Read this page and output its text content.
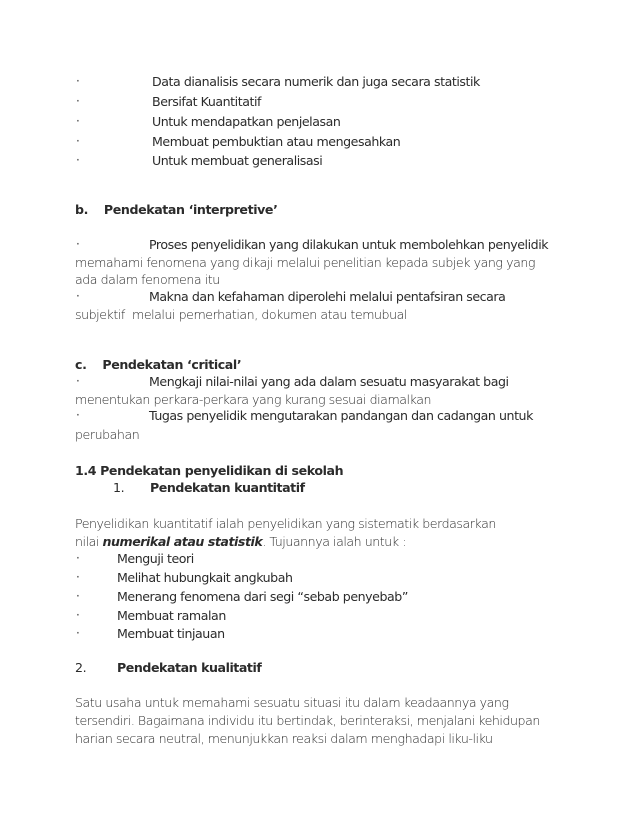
·	Data dianalisis secara numerik dan juga secara statistik
·	Bersifat Kuantitatif
·	Untuk mendapatkan penjelasan
·	Membuat pembuktian atau mengesahkan
·	Untuk membuat generalisasi
b.    Pendekatan ‘interpretive’
·	Proses penyelidikan yang dilakukan untuk membolehkan penyelidik
memahami fenomena yang dikaji melalui penelitian kepada subjek yang yang
ada dalam fenomena itu
·	Makna dan kefahaman diperolehi melalui pentafsiran secara
subjektif  melalui pemerhatian, dokumen atau temubual
c.    Pendekatan ‘critical’
·	Mengkaji nilai-nilai yang ada dalam sesuatu masyarakat bagi
menentukan perkara-perkara yang kurang sesuai diamalkan
·	Tugas penyelidik mengutarakan pandangan dan cadangan untuk
perubahan
1.4 Pendekatan penyelidikan di sekolah
1. Pendekatan kuantitatif
Penyelidikan kuantitatif ialah penyelidikan yang sistematik berdasarkan
nilai numerikal atau statistik. Tujuannya ialah untuk :
·	Menguji teori
·	Melihat hubungkait angkubah
·	Menerang fenomena dari segi “sebab penyebab”
·	Membuat ramalan
·	Membuat tinjauan
2. Pendekatan kualitatif
Satu usaha untuk memahami sesuatu situasi itu dalam keadaannya yang
tersendiri. Bagaimana individu itu bertindak, berinteraksi, menjalani kehidupan
harian secara neutral, menunjukkan reaksi dalam menghadapi liku-liku
